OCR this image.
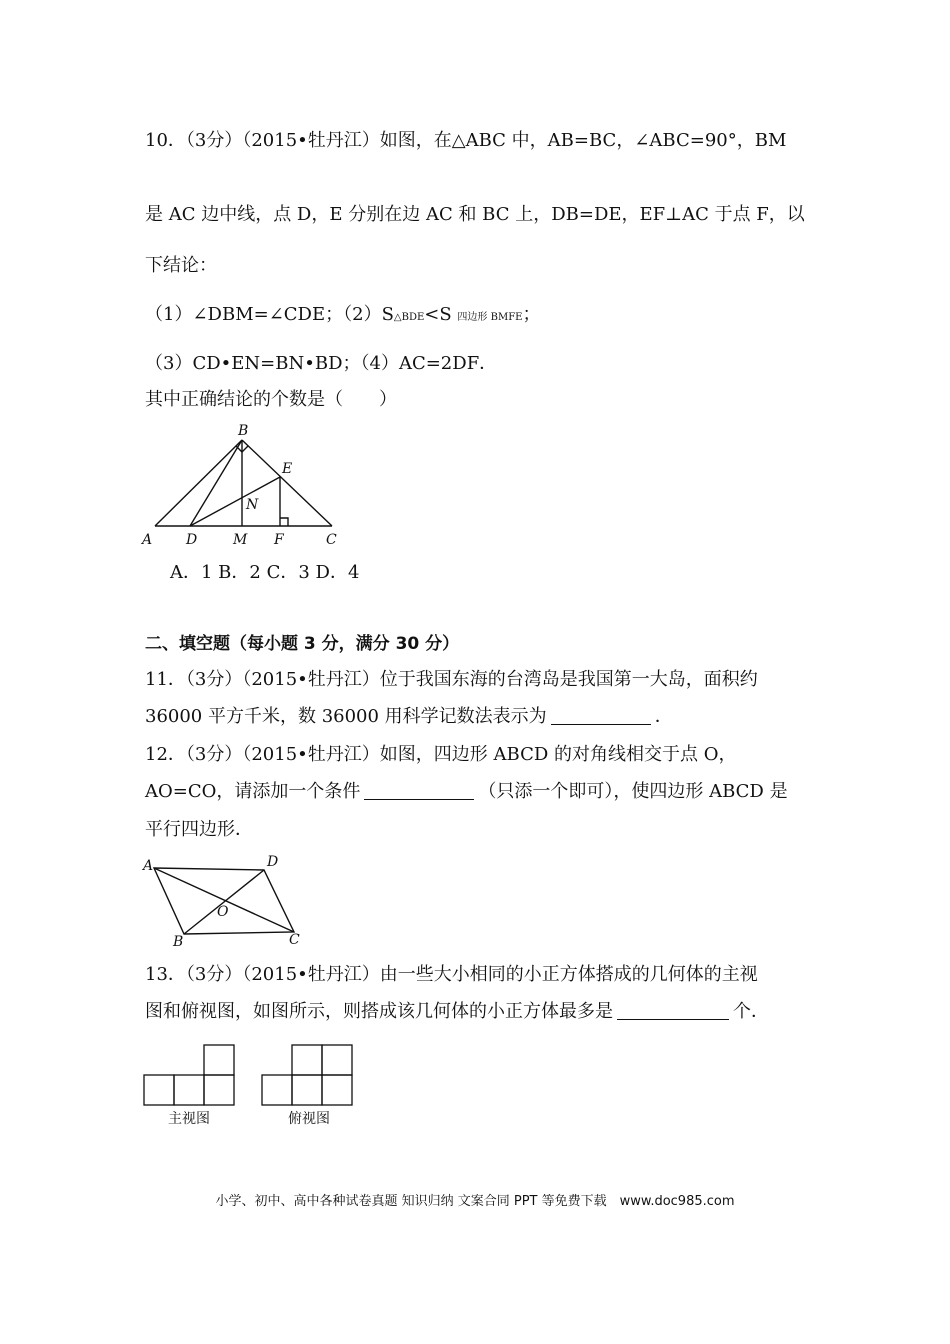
10．（3分）（2015•牡丹江）如图，在△ABC 中，AB=BC，∠ABC=90°，BM
是 AC 边中线，点 D，E 分别在边 AC 和 BC 上，DB=DE，EF⊥AC 于点 F，以
下结论：
（1）∠DBM=∠CDE；（2）S△BDE<S 四边形 BMFE；
（3）CD•EN=BN•BD；（4）AC=2DF．
其中正确结论的个数是（　　）
B
E
N
A D	M F	C
A．1 B．2 C．3 D．4
二、填空题（每小题 3 分，满分 30 分）
11．（3分）（2015•牡丹江）位于我国东海的台湾岛是我国第一大岛，面积约
36000 平方千米，数 36000 用科学记数法表示为	．
12．（3分）（2015•牡丹江）如图，四边形 ABCD 的对角线相交于点 O，
AO=CO，请添加一个条件	（只添一个即可），使四边形 ABCD 是
平行四边形．
A	D
O
B	C
13．（3分）（2015•牡丹江）由一些大小相同的小正方体搭成的几何体的主视
图和俯视图，如图所示，则搭成该几何体的小正方体最多是	个．
主视图	俯视图
小学、初中、高中各种试卷真题 知识归纳 文案合同 PPT 等免费下载　www.doc985.com
